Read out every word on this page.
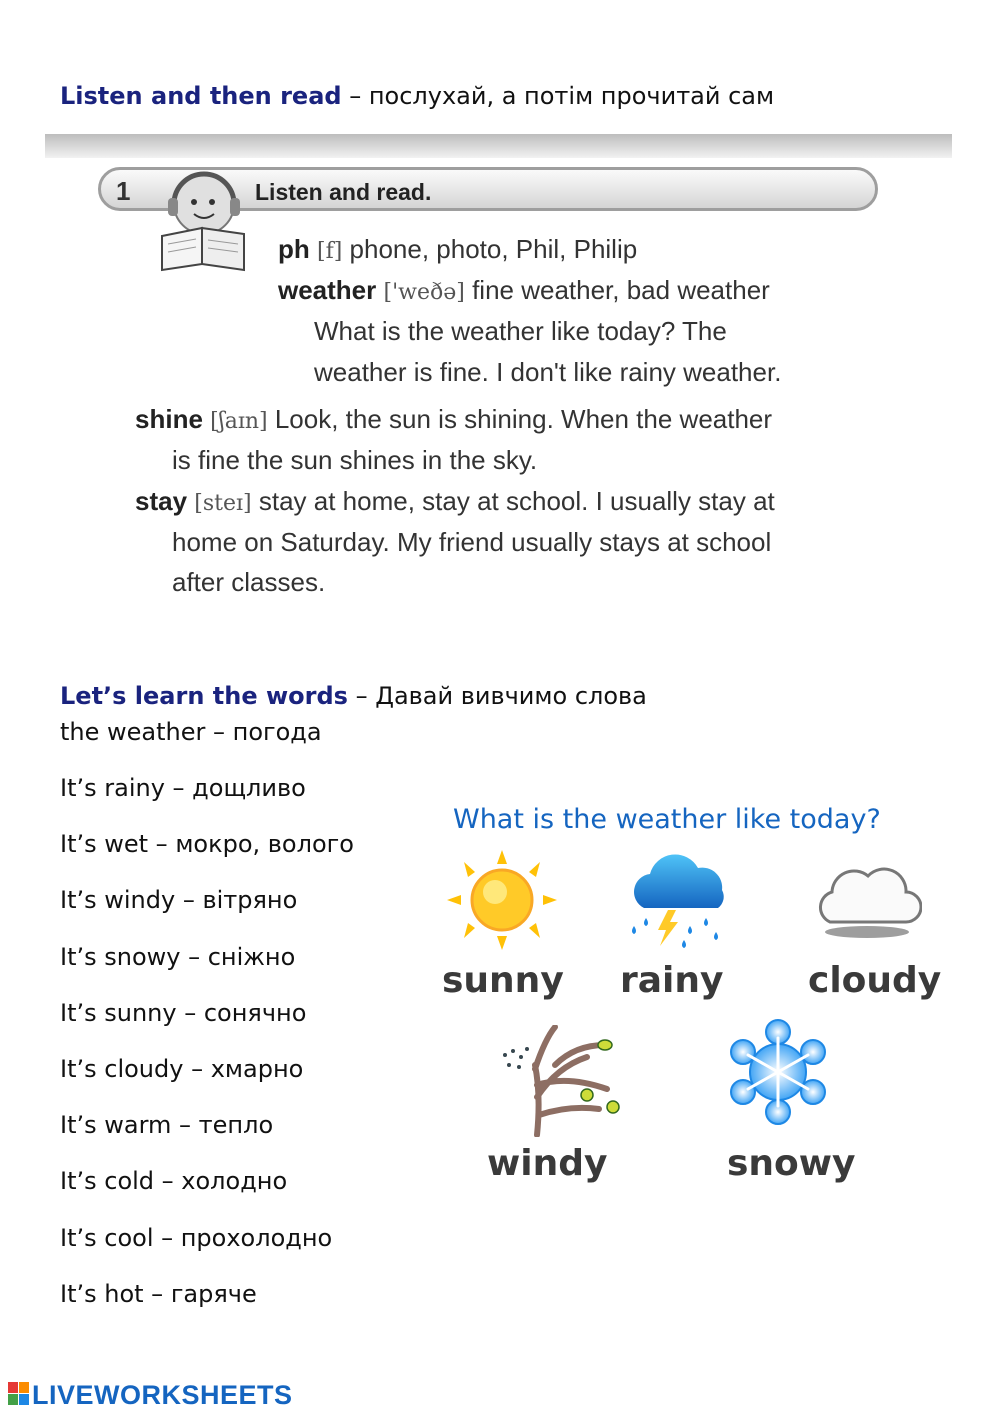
Listen and then read – послухай, а потім прочитай сам
1	Listen and read.
ph [f] phone, photo, Phil, Philip
weather ['weðə] fine weather, bad weather
What is the weather like today? The
weather is fine. I don't like rainy weather.
shine [ʃaɪn] Look, the sun is shining. When the weather
is fine the sun shines in the sky.
stay [steɪ] stay at home, stay at school. I usually stay at
home on Saturday. My friend usually stays at school
after classes.
Let’s learn the words – Давай вивчимо слова
the weather – погода
It’s rainy – дощливо
It’s wet – мокро, волого
It’s windy – вітряно
It’s snowy – сніжно
It’s sunny – сонячно
It’s cloudy – хмарно
It’s warm – тепло
It’s cold – холодно
It’s cool – прохолодно
It’s hot – гаряче
What is the weather like today?
sunny rainy cloudy
windy	snowy
LIVEWORKSHEETS
